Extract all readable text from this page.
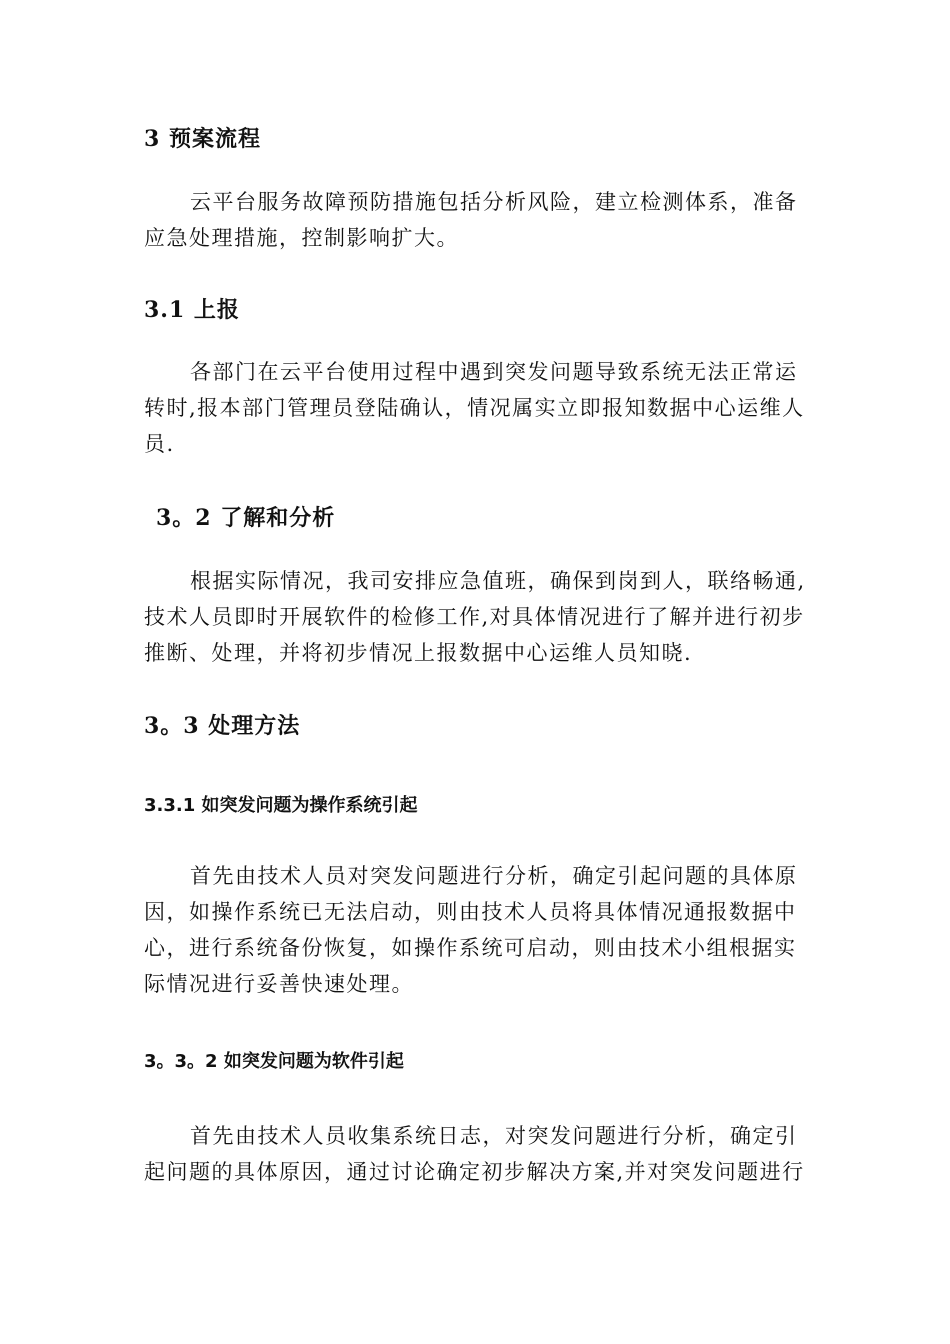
3 预案流程
云平台服务故障预防措施包括分析风险，建立检测体系，准备
应急处理措施，控制影响扩大。
3.1 上报
各部门在云平台使用过程中遇到突发问题导致系统无法正常运
转时,报本部门管理员登陆确认，情况属实立即报知数据中心运维人
员.
3。2 了解和分析
根据实际情况，我司安排应急值班，确保到岗到人，联络畅通,
技术人员即时开展软件的检修工作,对具体情况进行了解并进行初步
推断、处理，并将初步情况上报数据中心运维人员知晓.
3。3 处理方法
3.3.1 如突发问题为操作系统引起
首先由技术人员对突发问题进行分析，确定引起问题的具体原
因，如操作系统已无法启动，则由技术人员将具体情况通报数据中
心，进行系统备份恢复，如操作系统可启动，则由技术小组根据实
际情况进行妥善快速处理。
3。3。2 如突发问题为软件引起
首先由技术人员收集系统日志，对突发问题进行分析，确定引
起问题的具体原因，通过讨论确定初步解决方案,并对突发问题进行
